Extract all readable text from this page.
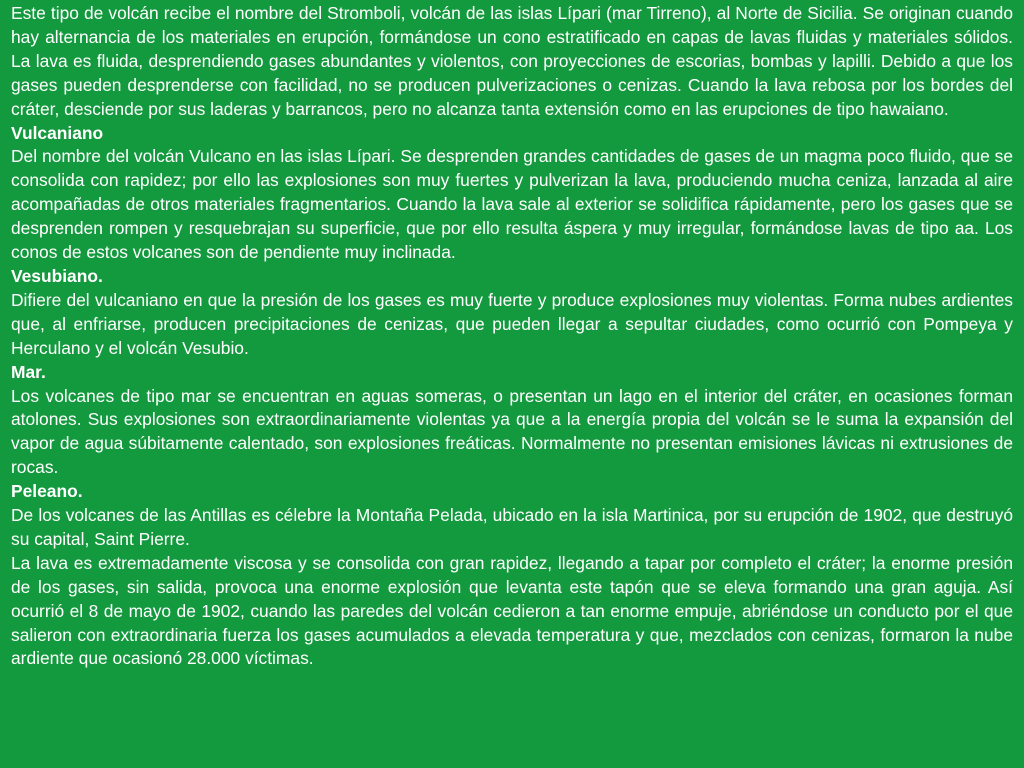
Este tipo de volcán recibe el nombre del Stromboli, volcán de las islas Lípari (mar Tirreno), al Norte de Sicilia. Se originan cuando hay alternancia de los materiales en erupción, formándose un cono estratificado en capas de lavas fluidas y materiales sólidos. La lava es fluida, desprendiendo gases abundantes y violentos, con proyecciones de escorias, bombas y lapilli. Debido a que los gases pueden desprenderse con facilidad, no se producen pulverizaciones o cenizas. Cuando la lava rebosa por los bordes del cráter, desciende por sus laderas y barrancos, pero no alcanza tanta extensión como en las erupciones de tipo hawaiano.

Vulcaniano

Del nombre del volcán Vulcano en las islas Lípari. Se desprenden grandes cantidades de gases de un magma poco fluido, que se consolida con rapidez; por ello las explosiones son muy fuertes y pulverizan la lava, produciendo mucha ceniza, lanzada al aire acompañadas de otros materiales fragmentarios. Cuando la lava sale al exterior se solidifica rápidamente, pero los gases que se desprenden rompen y resquebrajan su superficie, que por ello resulta áspera y muy irregular, formándose lavas de tipo aa. Los conos de estos volcanes son de pendiente muy inclinada.

Vesubiano.

Difiere del vulcaniano en que la presión de los gases es muy fuerte y produce explosiones muy violentas. Forma nubes ardientes que, al enfriarse, producen precipitaciones de cenizas, que pueden llegar a sepultar ciudades, como ocurrió con Pompeya y Herculano y el volcán Vesubio.

Mar.

Los volcanes de tipo mar se encuentran en aguas someras, o presentan un lago en el interior del cráter, en ocasiones forman atolones. Sus explosiones son extraordinariamente violentas ya que a la energía propia del volcán se le suma la expansión del vapor de agua súbitamente calentado, son explosiones freáticas. Normalmente no presentan emisiones lávicas ni extrusiones de rocas.

Peleano.

De los volcanes de las Antillas es célebre la Montaña Pelada, ubicado en la isla Martinica, por su erupción de 1902, que destruyó su capital, Saint Pierre.

La lava es extremadamente viscosa y se consolida con gran rapidez, llegando a tapar por completo el cráter; la enorme presión de los gases, sin salida, provoca una enorme explosión que levanta este tapón que se eleva formando una gran aguja. Así ocurrió el 8 de mayo de 1902, cuando las paredes del volcán cedieron a tan enorme empuje, abriéndose un conducto por el que salieron con extraordinaria fuerza los gases acumulados a elevada temperatura y que, mezclados con cenizas, formaron la nube ardiente que ocasionó 28.000 víctimas.
